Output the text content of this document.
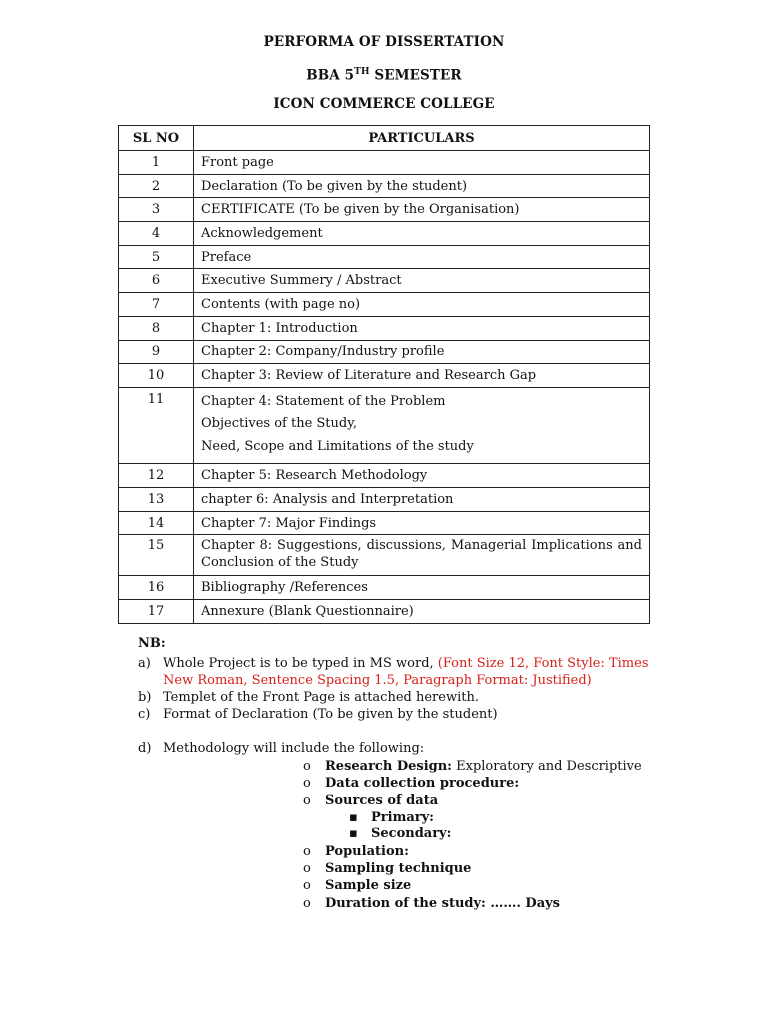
PERFORMA OF DISSERTATION
BBA 5TH SEMESTER
ICON COMMERCE COLLEGE
SL NO	PARTICULARS
1	Front page

2	Declaration (To be given by the student)

3	CERTIFICATE (To be given by the Organisation)

4	Acknowledgement

5	Preface

6	Executive Summery / Abstract

7	Contents (with page no)

8	Chapter 1: Introduction

9	Chapter 2: Company/Industry profile

10	Chapter 3: Review of Literature and Research Gap

11	Chapter 4: Statement of the Problem
Objectives of the Study,
Need, Scope and Limitations of the study

12	Chapter 5: Research Methodology

13	chapter 6: Analysis and Interpretation

14	Chapter 7: Major Findings

15	Chapter 8: Suggestions, discussions, Managerial Implications and Conclusion of the Study

16	Bibliography /References

17	Annexure (Blank Questionnaire)
NB:
a) Whole Project is to be typed in MS word, (Font Size 12, Font Style: Times New Roman, Sentence Spacing 1.5, Paragraph Format: Justified)
b) Templet of the Front Page is attached herewith.
c) Format of Declaration (To be given by the student)
d) Methodology will include the following:
o Research Design: Exploratory and Descriptive
o Data collection procedure:
o Sources of data
▪ Primary:
▪ Secondary:
o Population:
o Sampling technique
o Sample size
o Duration of the study: ……. Days
